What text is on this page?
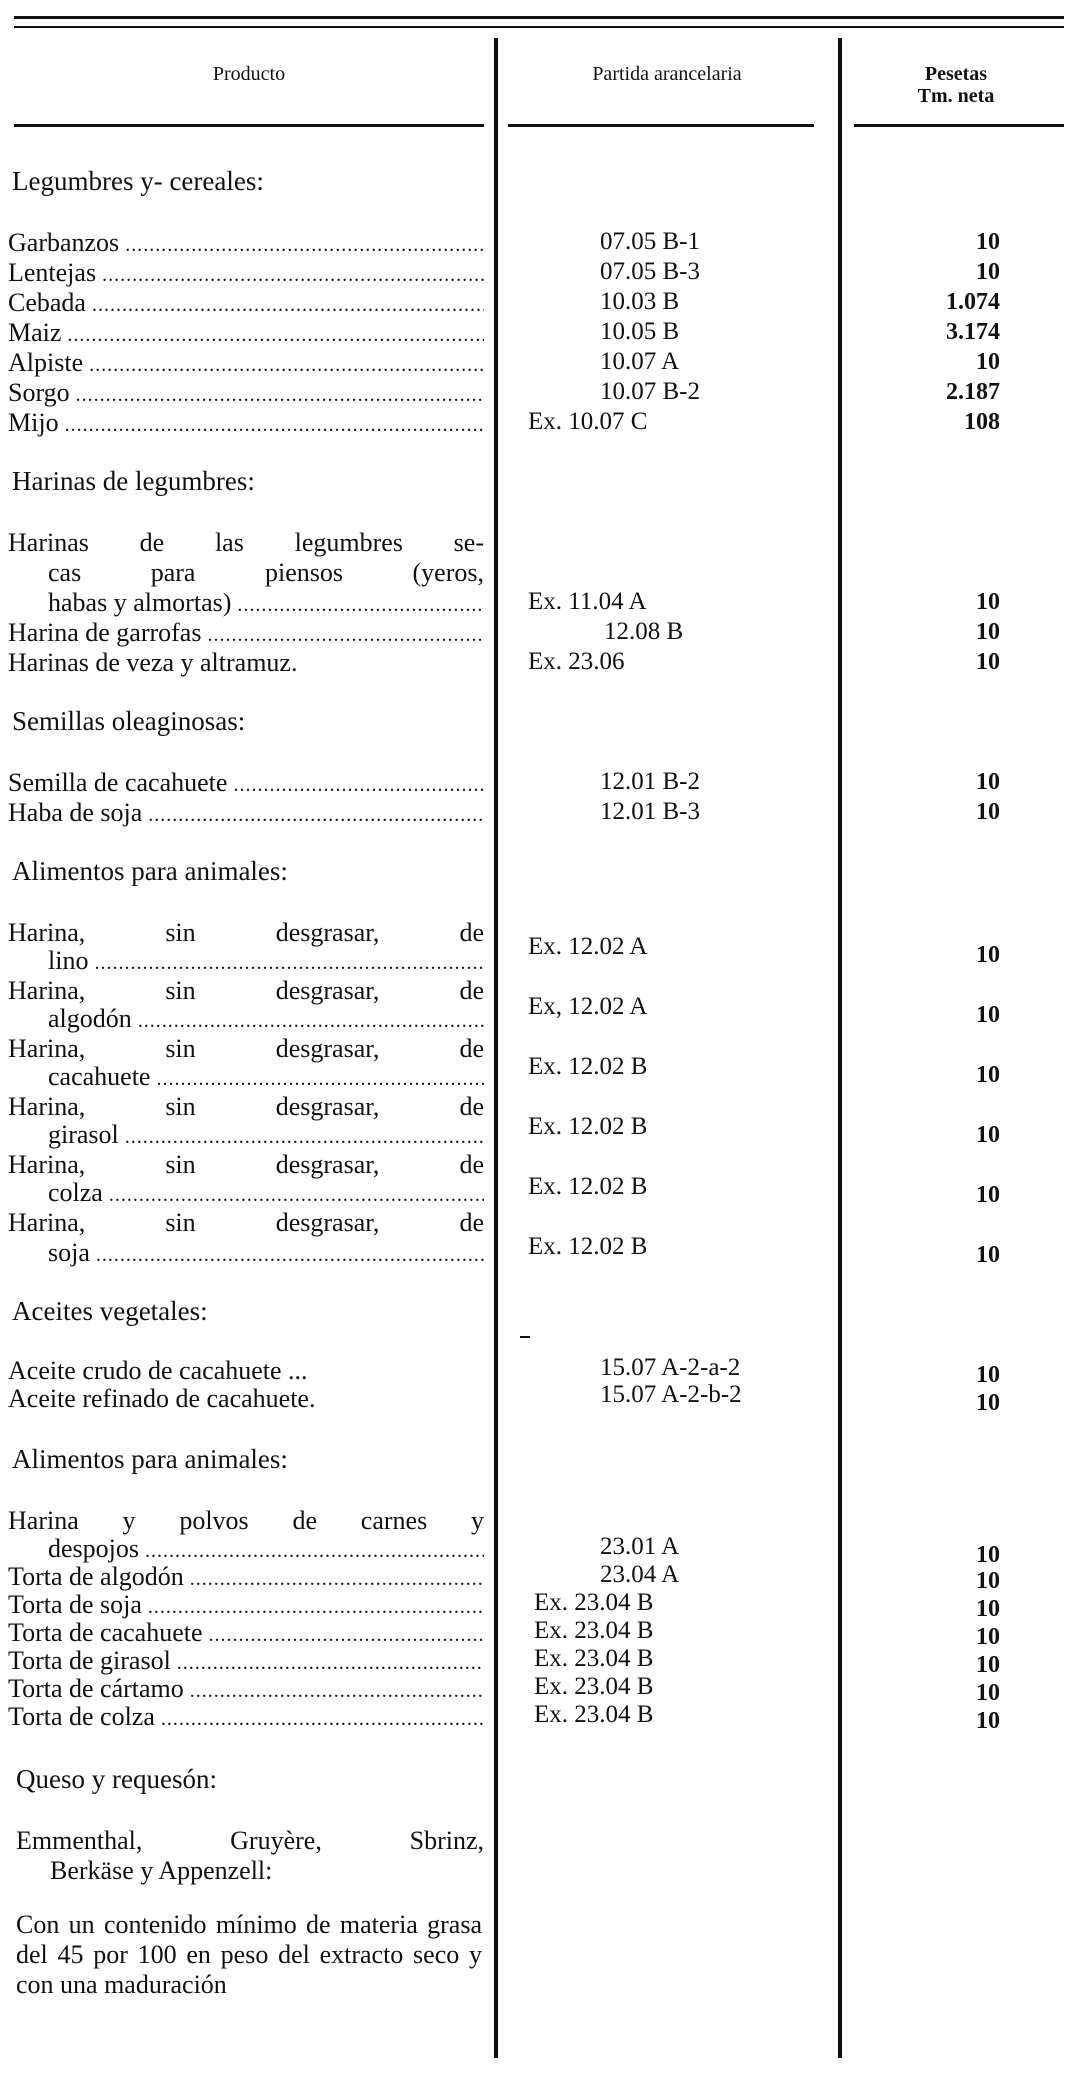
Producto	Partida arancelaria	Pesetas
Tm. neta
Legumbres y- cereales:
Garbanzos .....	07.05 B-1	10
Lentejas .....	07.05 B-3	10
Cebada .....	10.03 B	1.074
Maiz .....	10.05 B	3.174
Alpiste .....	10.07 A	10
Sorgo .....	10.07 B-2	2.187
Mijo .....	Ex. 10.07 C	108
Harinas de legumbres:
Harinas de las legumbres se-
cas para piensos (yeros,
habas y almortas) .....	Ex. 11.04 A	10
Harina de garrofas .....	12.08 B	10
Harinas de veza y altramuz.	Ex. 23.06	10
Semillas oleaginosas:
Semilla de cacahuete .....	12.01 B-2	10
Haba de soja .....	12.01 B-3	10
Alimentos para animales:
Harina, sin desgrasar, de
lino .....	Ex. 12.02 A	10
Harina, sin desgrasar, de
algodón .....	Ex, 12.02 A	10
Harina, sin desgrasar, de
cacahuete .....	Ex. 12.02 B	10
Harina, sin desgrasar, de
girasol .....	Ex. 12.02 B	10
Harina, sin desgrasar, de
colza .....	Ex. 12.02 B	10
Harina, sin desgrasar, de
soja .....	Ex. 12.02 B	10
Aceites vegetales:
Aceite crudo de cacahuete ...	15.07 A-2-a-2	10
Aceite refinado de cacahuete.	15.07 A-2-b-2	10
Alimentos para animales:
Harina y polvos de carnes y
despojos .....	23.01 A	10
Torta de algodón .....	23.04 A	10
Torta de soja .....	Ex. 23.04 B	10
Torta de cacahuete .....	Ex. 23.04 B	10
Torta de girasol .....	Ex. 23.04 B	10
Torta de cártamo .....	Ex. 23.04 B	10
Torta de colza .....	Ex. 23.04 B	10
Queso y requesón:
Emmenthal, Gruyère, Sbrinz,
Berkäse y Appenzell:
Con un contenido mínimo de materia grasa del 45 por 100 en peso del extracto seco y con una maduración
